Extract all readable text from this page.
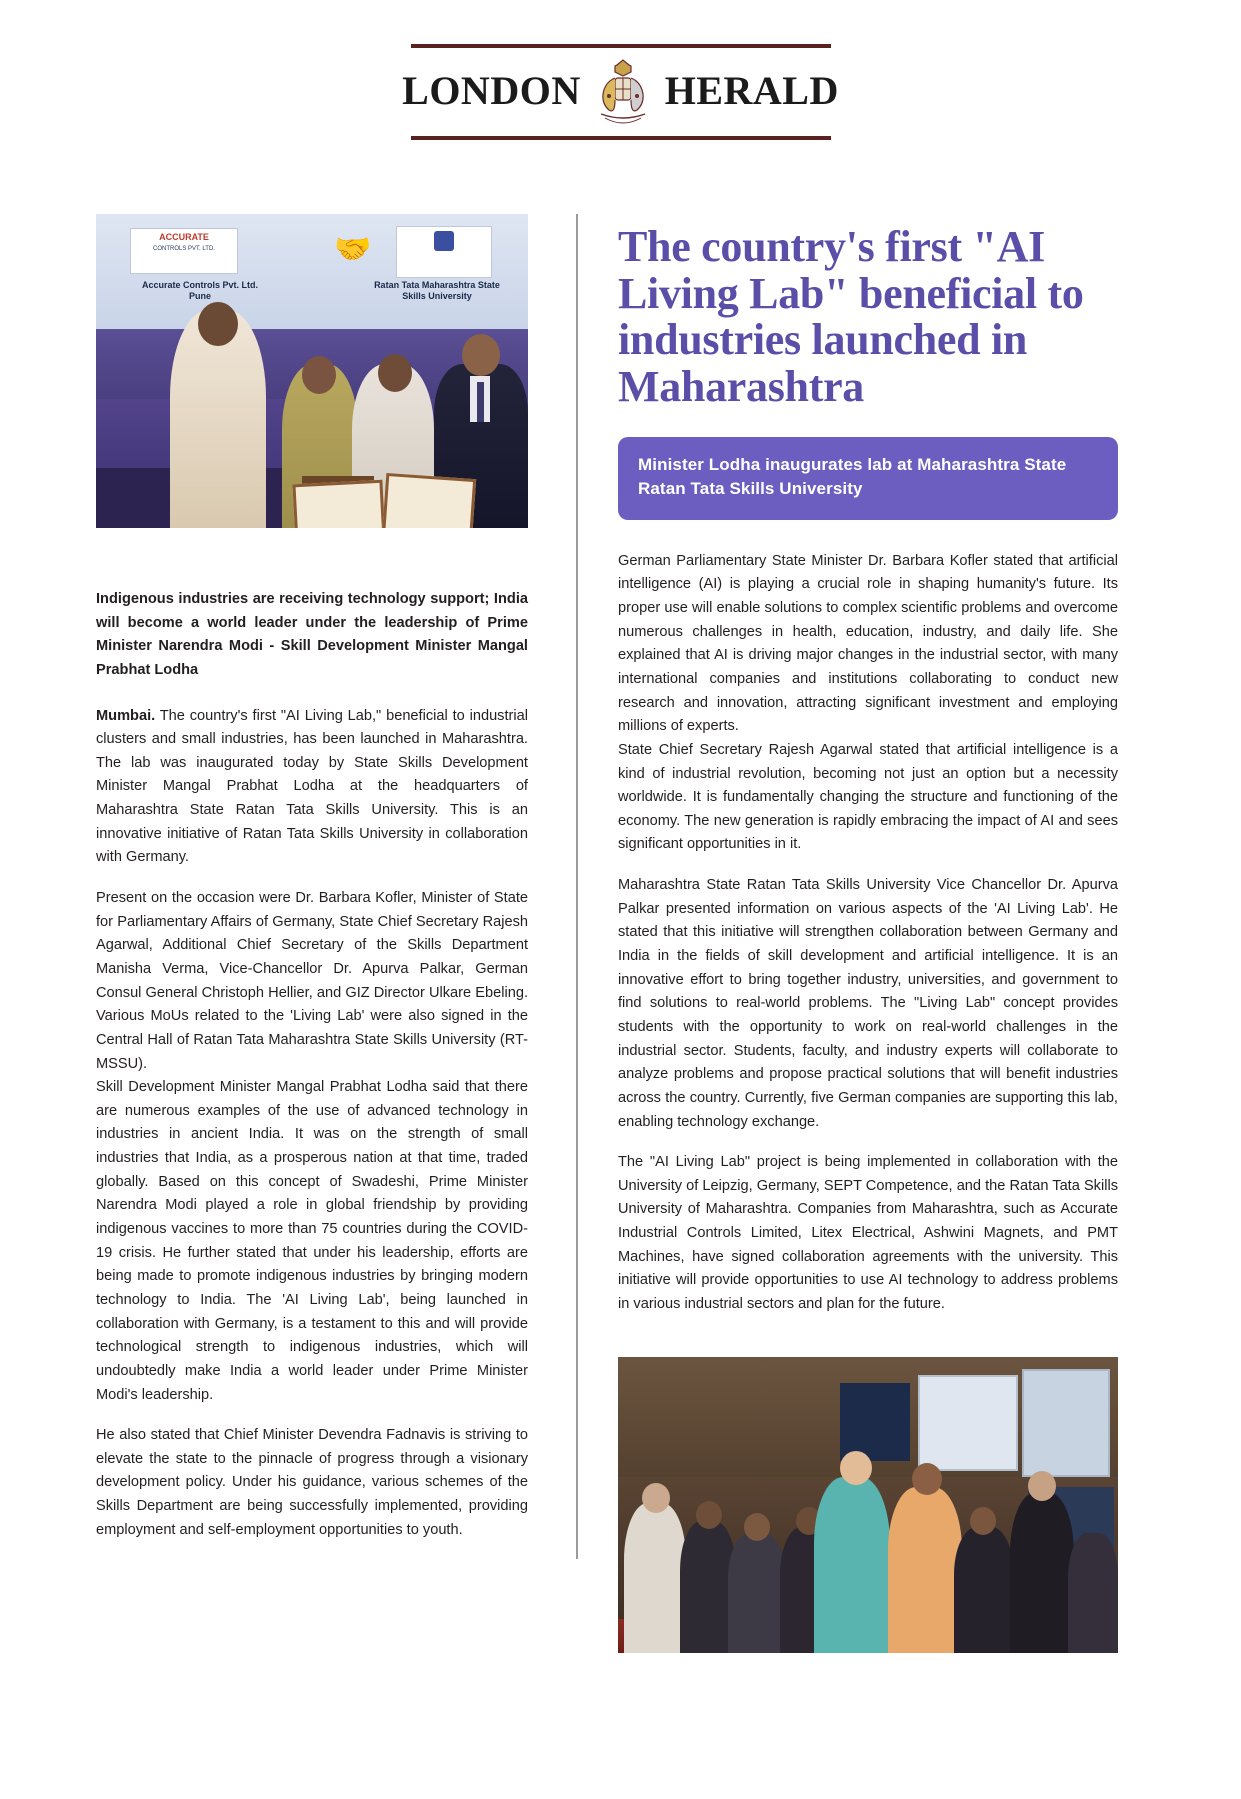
LONDON HERALD
ACCURATE
CONTROLS PVT. LTD.	🤝
Accurate Controls Pvt. Ltd. Pune
Ratan Tata Maharashtra State Skills University
Indigenous industries are receiving technology support; India will become a world leader under the leadership of Prime Minister Narendra Modi - Skill Development Minister Mangal Prabhat Lodha

Mumbai. The country's first "AI Living Lab," beneficial to industrial clusters and small industries, has been launched in Maharashtra. The lab was inaugurated today by State Skills Development Minister Mangal Prabhat Lodha at the headquarters of Maharashtra State Ratan Tata Skills University. This is an innovative initiative of Ratan Tata Skills University in collaboration with Germany.

Present on the occasion were Dr. Barbara Kofler, Minister of State for Parliamentary Affairs of Germany, State Chief Secretary Rajesh Agarwal, Additional Chief Secretary of the Skills Department Manisha Verma, Vice-Chancellor Dr. Apurva Palkar, German Consul General Christoph Hellier, and GIZ Director Ulkare Ebeling. Various MoUs related to the 'Living Lab' were also signed in the Central Hall of Ratan Tata Maharashtra State Skills University (RT-MSSU).

Skill Development Minister Mangal Prabhat Lodha said that there are numerous examples of the use of advanced technology in industries in ancient India. It was on the strength of small industries that India, as a prosperous nation at that time, traded globally. Based on this concept of Swadeshi, Prime Minister Narendra Modi played a role in global friendship by providing indigenous vaccines to more than 75 countries during the COVID-19 crisis. He further stated that under his leadership, efforts are being made to promote indigenous industries by bringing modern technology to India. The 'AI Living Lab', being launched in collaboration with Germany, is a testament to this and will provide technological strength to indigenous industries, which will undoubtedly make India a world leader under Prime Minister Modi's leadership.

He also stated that Chief Minister Devendra Fadnavis is striving to elevate the state to the pinnacle of progress through a visionary development policy. Under his guidance, various schemes of the Skills Department are being successfully implemented, providing employment and self-employment opportunities to youth.

The country's first "AI Living Lab" beneficial to industries launched in Maharashtra
Minister Lodha inaugurates lab at Maharashtra State Ratan Tata Skills University

German Parliamentary State Minister Dr. Barbara Kofler stated that artificial intelligence (AI) is playing a crucial role in shaping humanity's future. Its proper use will enable solutions to complex scientific problems and overcome numerous challenges in health, education, industry, and daily life. She explained that AI is driving major changes in the industrial sector, with many international companies and institutions collaborating to conduct new research and innovation, attracting significant investment and employing millions of experts.

State Chief Secretary Rajesh Agarwal stated that artificial intelligence is a kind of industrial revolution, becoming not just an option but a necessity worldwide. It is fundamentally changing the structure and functioning of the economy. The new generation is rapidly embracing the impact of AI and sees significant opportunities in it.

Maharashtra State Ratan Tata Skills University Vice Chancellor Dr. Apurva Palkar presented information on various aspects of the 'AI Living Lab'. He stated that this initiative will strengthen collaboration between Germany and India in the fields of skill development and artificial intelligence. It is an innovative effort to bring together industry, universities, and government to find solutions to real-world problems. The "Living Lab" concept provides students with the opportunity to work on real-world challenges in the industrial sector. Students, faculty, and industry experts will collaborate to analyze problems and propose practical solutions that will benefit industries across the country. Currently, five German companies are supporting this lab, enabling technology exchange.

The "AI Living Lab" project is being implemented in collaboration with the University of Leipzig, Germany, SEPT Competence, and the Ratan Tata Skills University of Maharashtra. Companies from Maharashtra, such as Accurate Industrial Controls Limited, Litex Electrical, Ashwini Magnets, and PMT Machines, have signed collaboration agreements with the university. This initiative will provide opportunities to use AI technology to address problems in various industrial sectors and plan for the future.
